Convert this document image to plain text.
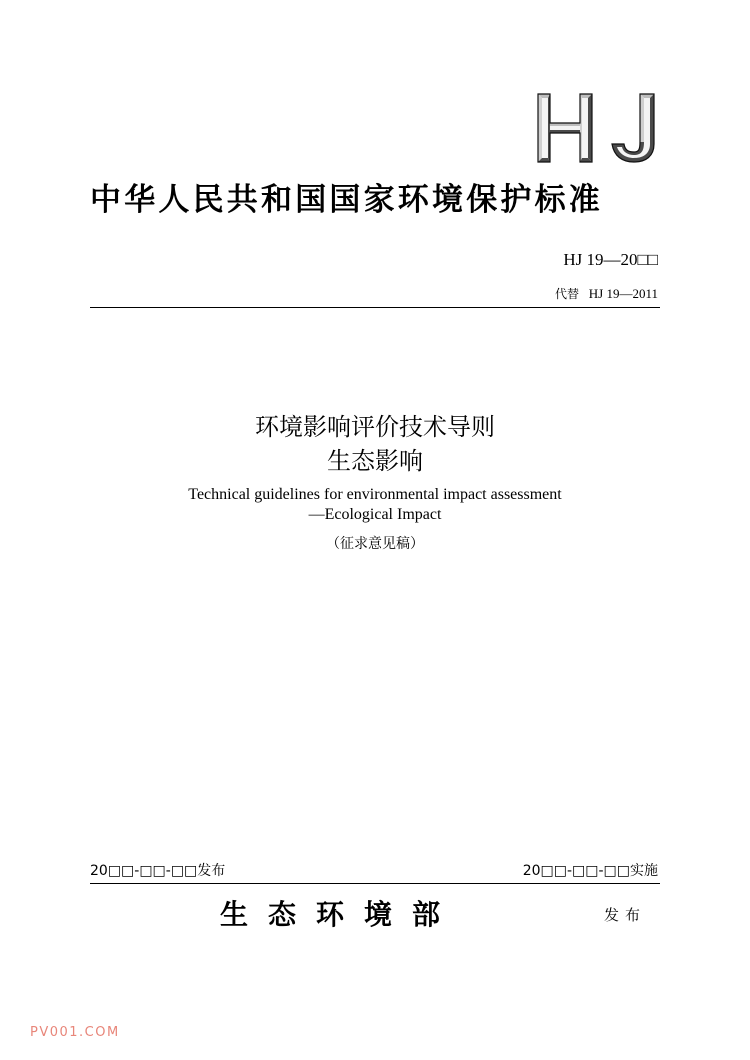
中华人民共和国国家环境保护标准
HJ 19—20□□
代替 HJ 19—2011
环境影响评价技术导则
生态影响
Technical guidelines for environmental impact assessment
—Ecological Impact
（征求意见稿）
20□□-□□-□□发布	20□□-□□-□□实施
生态环境部	发布
PV001.COM
